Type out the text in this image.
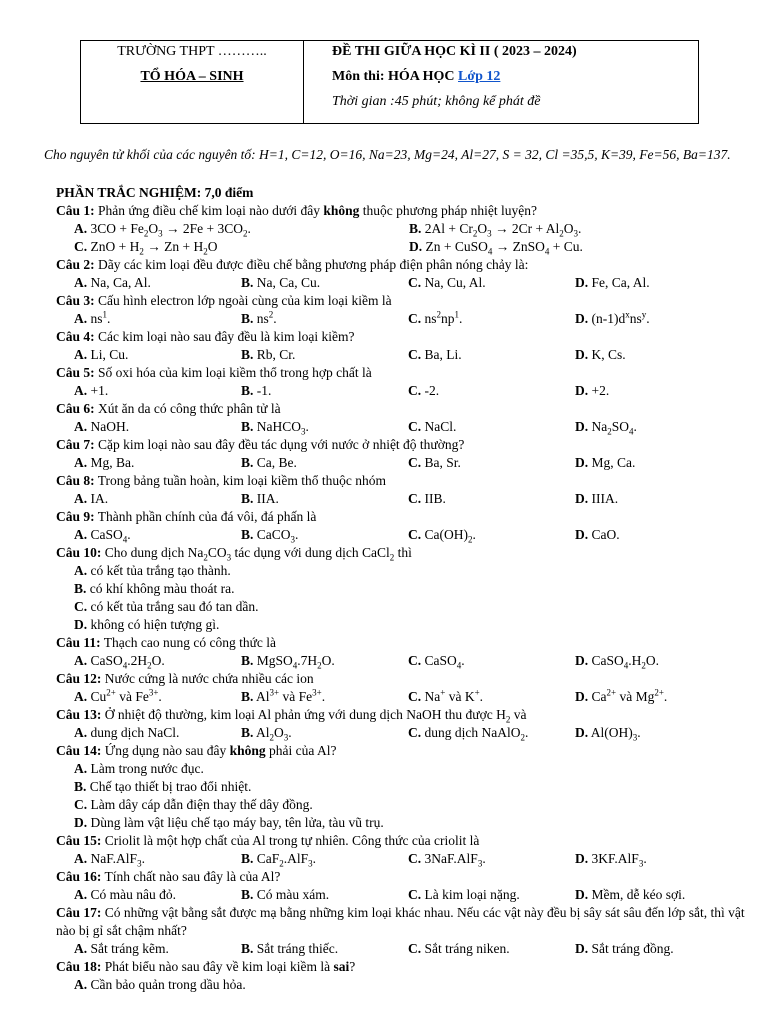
TRƯỜNG THPT ………..
TỔ HÓA – SINH
ĐỀ THI GIỮA HỌC KÌ II ( 2023 – 2024)
Môn thi: HÓA HỌC Lớp 12
Thời gian :45 phút; không kể phát đề
Cho nguyên tử khối của các nguyên tố: H=1, C=12, O=16, Na=23, Mg=24, Al=27, S = 32, Cl =35,5, K=39, Fe=56, Ba=137.
PHẦN TRẮC NGHIỆM: 7,0 điểm
Câu 1: Phản ứng điều chế kim loại nào dưới đây không thuộc phương pháp nhiệt luyện?
A. $3CO + Fe_2O_3 \to 2Fe + 3CO_2$.	B. $2Al + Cr_2O_3 \to 2Cr + Al_2O_3$.
C. ZnO + $H_2 \to Zn + H_2O$	D. Zn + CuSO$_4$ → ZnSO$_4$ + Cu.
Câu 2: Dãy các kim loại đều được điều chế bằng phương pháp điện phân nóng chảy là:
A. Na, Ca, Al.	B. Na, Ca, Cu.	C. Na, Cu, Al.	D. Fe, Ca, Al.
Câu 3: Cấu hình electron lớp ngoài cùng của kim loại kiềm là
A. $ns^1$.	B. $ns^2$.	C. $ns^2np^1$.	D. $(n-1)d^xns^y$.
Câu 4: Các kim loại nào sau đây đều là kim loại kiềm?
A. Li, Cu.	B. Rb, Cr.	C. Ba, Li.	D. K, Cs.
Câu 5: Số oxi hóa của kim loại kiềm thổ trong hợp chất là
A. +1.	B. -1.	C. -2.	D. +2.
Câu 6: Xút ăn da có công thức phân tử là
A. NaOH.	B. NaHCO$_3$.	C. NaCl.	D. $Na_2SO_4$.
Câu 7: Cặp kim loại nào sau đây đều tác dụng với nước ở nhiệt độ thường?
A. Mg, Ba.	B. Ca, Be.	C. Ba, Sr.	D. Mg, Ca.
Câu 8: Trong bảng tuần hoàn, kim loại kiềm thổ thuộc nhóm
A. IA.	B. IIA.	C. IIB.	D. IIIA.
Câu 9: Thành phần chính của đá vôi, đá phấn là
A. CaSO$_4$.	B. CaCO$_3$.	C. $Ca(OH)_2$.	D. CaO.
Câu 10: Cho dung dịch $Na_2CO_3$ tác dụng với dung dịch CaCl$_2$ thì
A. có kết tủa trắng tạo thành.
B. có khí không màu thoát ra.
C. có kết tủa trắng sau đó tan dần.
D. không có hiện tượng gì.
Câu 11: Thạch cao nung có công thức là
A. $CaSO_4.2H_2O$.	B. $MgSO_4.7H_2O$.	C. CaSO$_4$.	D. $CaSO_4.H_2O$.
Câu 12: Nước cứng là nước chứa nhiều các ion
A. $Cu^{2+}$ và $Fe^{3+}$.	B. $Al^{3+}$ và $Fe^{3+}$.	C. Na+ và K+.	D. $Ca^{2+}$ và $Mg^{2+}$.
Câu 13: Ở nhiệt độ thường, kim loại Al phản ứng với dung dịch NaOH thu được $H_2$ và
A. dung dịch NaCl.	B. $Al_2O_3$.	C. dung dịch NaAlO$_2$.	D. $Al(OH)_3$.
Câu 14: Ứng dụng nào sau đây không phải của Al?
A. Làm trong nước đục.
B. Chế tạo thiết bị trao đổi nhiệt.
C. Làm dây cáp dẫn điện thay thế dây đồng.
D. Dùng làm vật liệu chế tạo máy bay, tên lửa, tàu vũ trụ.
Câu 15: Criolit là một hợp chất của Al trong tự nhiên. Công thức của criolit là
A. NaF.AlF$_3$.	B. CaF$_2$.AlF$_3$.	C. 3NaF.AlF$_3$.	D. 3KF.AlF$_3$.
Câu 16: Tính chất nào sau đây là của Al?
A. Có màu nâu đỏ.	B. Có màu xám.	C. Là kim loại nặng.	D. Mềm, dễ kéo sợi.
Câu 17: Có những vật bằng sắt được mạ bằng những kim loại khác nhau. Nếu các vật này đều bị sây sát sâu đến lớp sắt, thì vật nào bị gỉ sắt chậm nhất?
A. Sắt tráng kẽm.	B. Sắt tráng thiếc.	C. Sắt tráng niken.	D. Sắt tráng đồng.
Câu 18: Phát biểu nào sau đây về kim loại kiềm là sai?
A. Cần bảo quản trong dầu hỏa.
